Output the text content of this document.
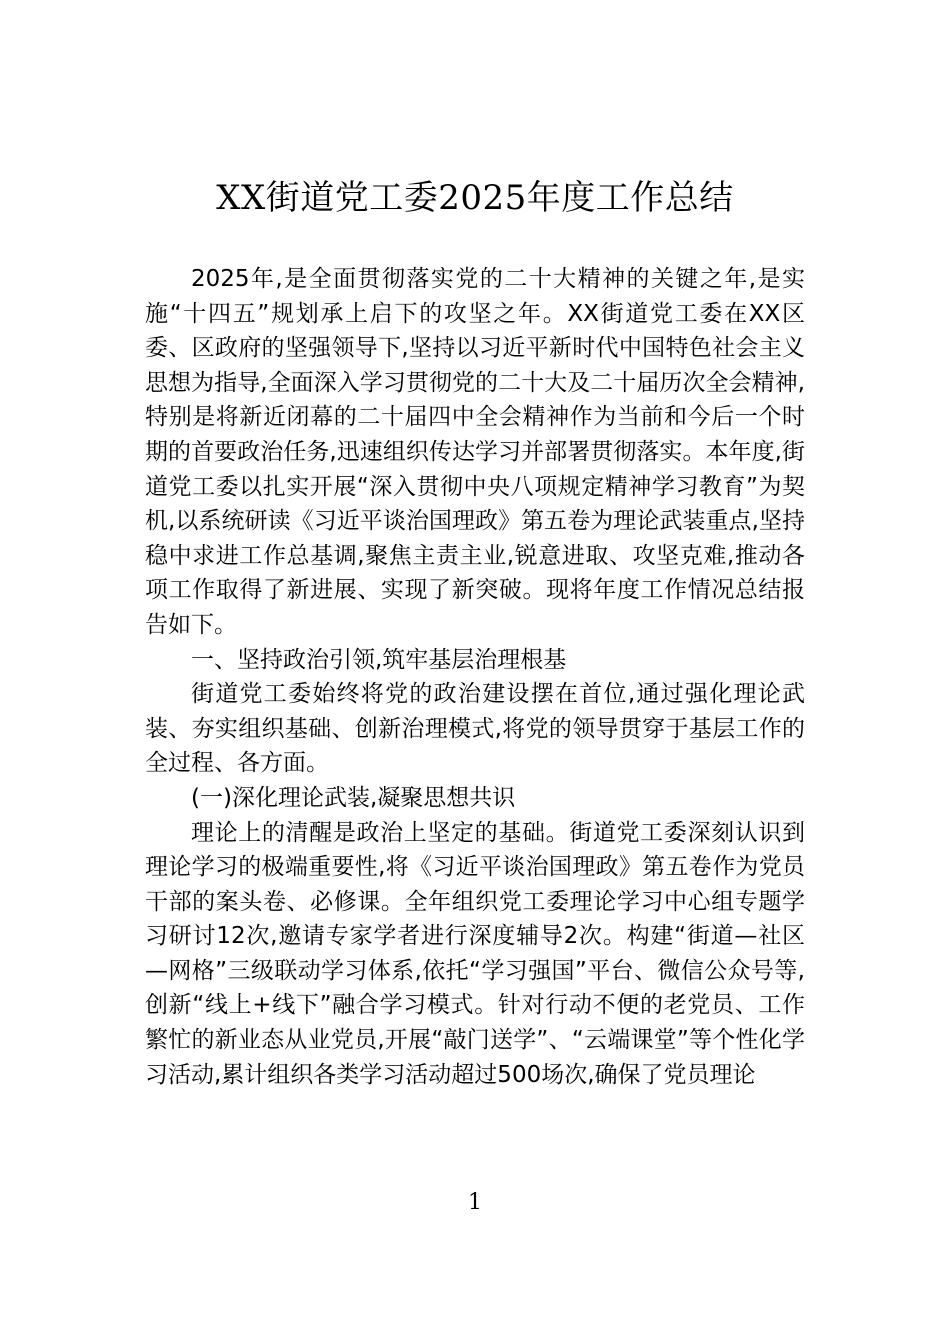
XX街道党工委2025年度工作总结

2025年,是全面贯彻落实党的二十大精神的关键之年,是实施“十四五”规划承上启下的攻坚之年。XX街道党工委在XX区委、区政府的坚强领导下,坚持以习近平新时代中国特色社会主义思想为指导,全面深入学习贯彻党的二十大及二十届历次全会精神,特别是将新近闭幕的二十届四中全会精神作为当前和今后一个时期的首要政治任务,迅速组织传达学习并部署贯彻落实。本年度,街道党工委以扎实开展“深入贯彻中央八项规定精神学习教育”为契机,以系统研读《习近平谈治国理政》第五卷为理论武装重点,坚持稳中求进工作总基调,聚焦主责主业,锐意进取、攻坚克难,推动各项工作取得了新进展、实现了新突破。现将年度工作情况总结报告如下。

一、坚持政治引领,筑牢基层治理根基

街道党工委始终将党的政治建设摆在首位,通过强化理论武装、夯实组织基础、创新治理模式,将党的领导贯穿于基层工作的全过程、各方面。

(一)深化理论武装,凝聚思想共识

理论上的清醒是政治上坚定的基础。街道党工委深刻认识到理论学习的极端重要性,将《习近平谈治国理政》第五卷作为党员干部的案头卷、必修课。全年组织党工委理论学习中心组专题学习研讨12次,邀请专家学者进行深度辅导2次。构建“街道—社区—网格”三级联动学习体系,依托“学习强国”平台、微信公众号等,创新“线上+线下”融合学习模式。针对行动不便的老党员、工作繁忙的新业态从业党员,开展“敲门送学”、“云端课堂”等个性化学习活动,累计组织各类学习活动超过500场次,确保了党员理论

1
